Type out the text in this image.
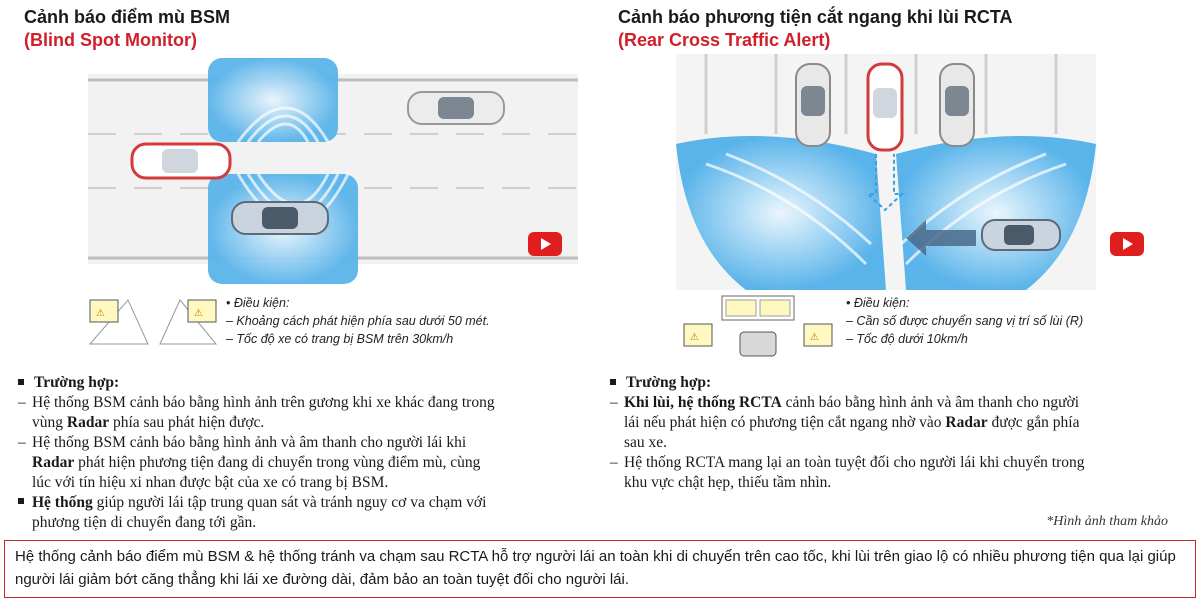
Cảnh báo điểm mù BSM
(Blind Spot Monitor)
⚠	⚠
• Điều kiện:
– Khoảng cách phát hiện phía sau dưới 50 mét.
– Tốc độ xe có trang bị BSM trên 30km/h
Trường hợp:
– Hệ thống BSM cảnh báo bằng hình ảnh trên gương khi xe khác đang trong
vùng Radar phía sau phát hiện được.
– Hệ thống BSM cảnh báo bằng hình ảnh và âm thanh cho người lái khi
Radar phát hiện phương tiện đang di chuyển trong vùng điểm mù, cùng
lúc với tín hiệu xi nhan được bật của xe có trang bị BSM.
Hệ thống giúp người lái tập trung quan sát và tránh nguy cơ va chạm với
phương tiện di chuyển đang tới gần.
Cảnh báo phương tiện cắt ngang khi lùi RCTA
(Rear Cross Traffic Alert)
⚠	⚠
• Điều kiện:
– Cần số được chuyển sang vị trí số lùi (R)
– Tốc độ dưới 10km/h
Trường hợp:
– Khi lùi, hệ thống RCTA cảnh báo bằng hình ảnh và âm thanh cho người
lái nếu phát hiện có phương tiện cắt ngang nhờ vào Radar được gắn phía
sau xe.
– Hệ thống RCTA mang lại an toàn tuyệt đối cho người lái khi chuyển trong
khu vực chật hẹp, thiếu tầm nhìn.
*Hình ảnh tham khảo
Hệ thống cảnh báo điểm mù BSM & hệ thống tránh va chạm sau RCTA hỗ trợ người lái an toàn khi di chuyển trên cao tốc, khi lùi trên giao lộ có nhiều phương tiện qua lại giúp người lái giảm bớt căng thẳng khi lái xe đường dài, đảm bảo an toàn tuyệt đối cho người lái.
